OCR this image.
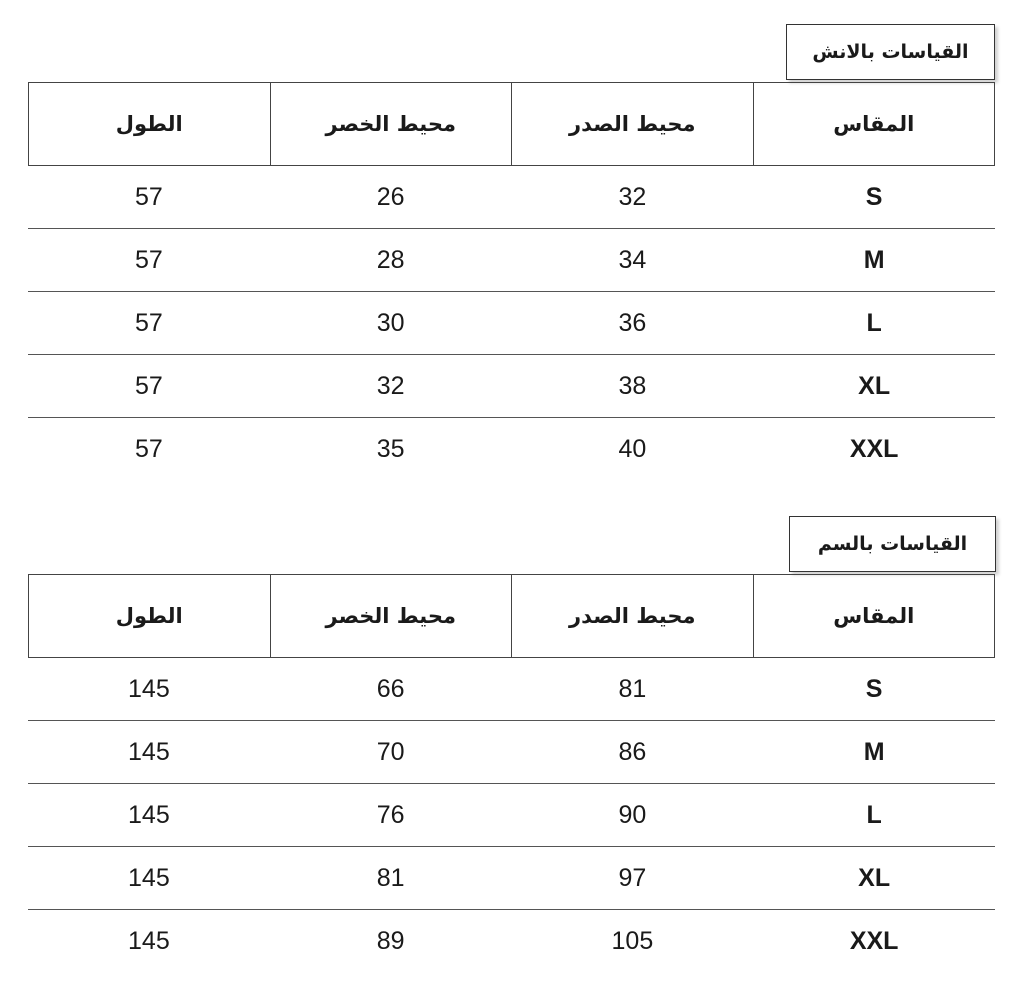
القياسات بالانش
المقاس
محيط الصدر
محيط الخصر
الطول
S
32
26
57
M
34
28
57
L
36
30
57
XL
38
32
57
XXL
40
35
57
القياسات بالسم
المقاس
محيط الصدر
محيط الخصر
الطول
S
81
66
145
M
86
70
145
L
90
76
145
XL
97
81
145
XXL
105
89
145
